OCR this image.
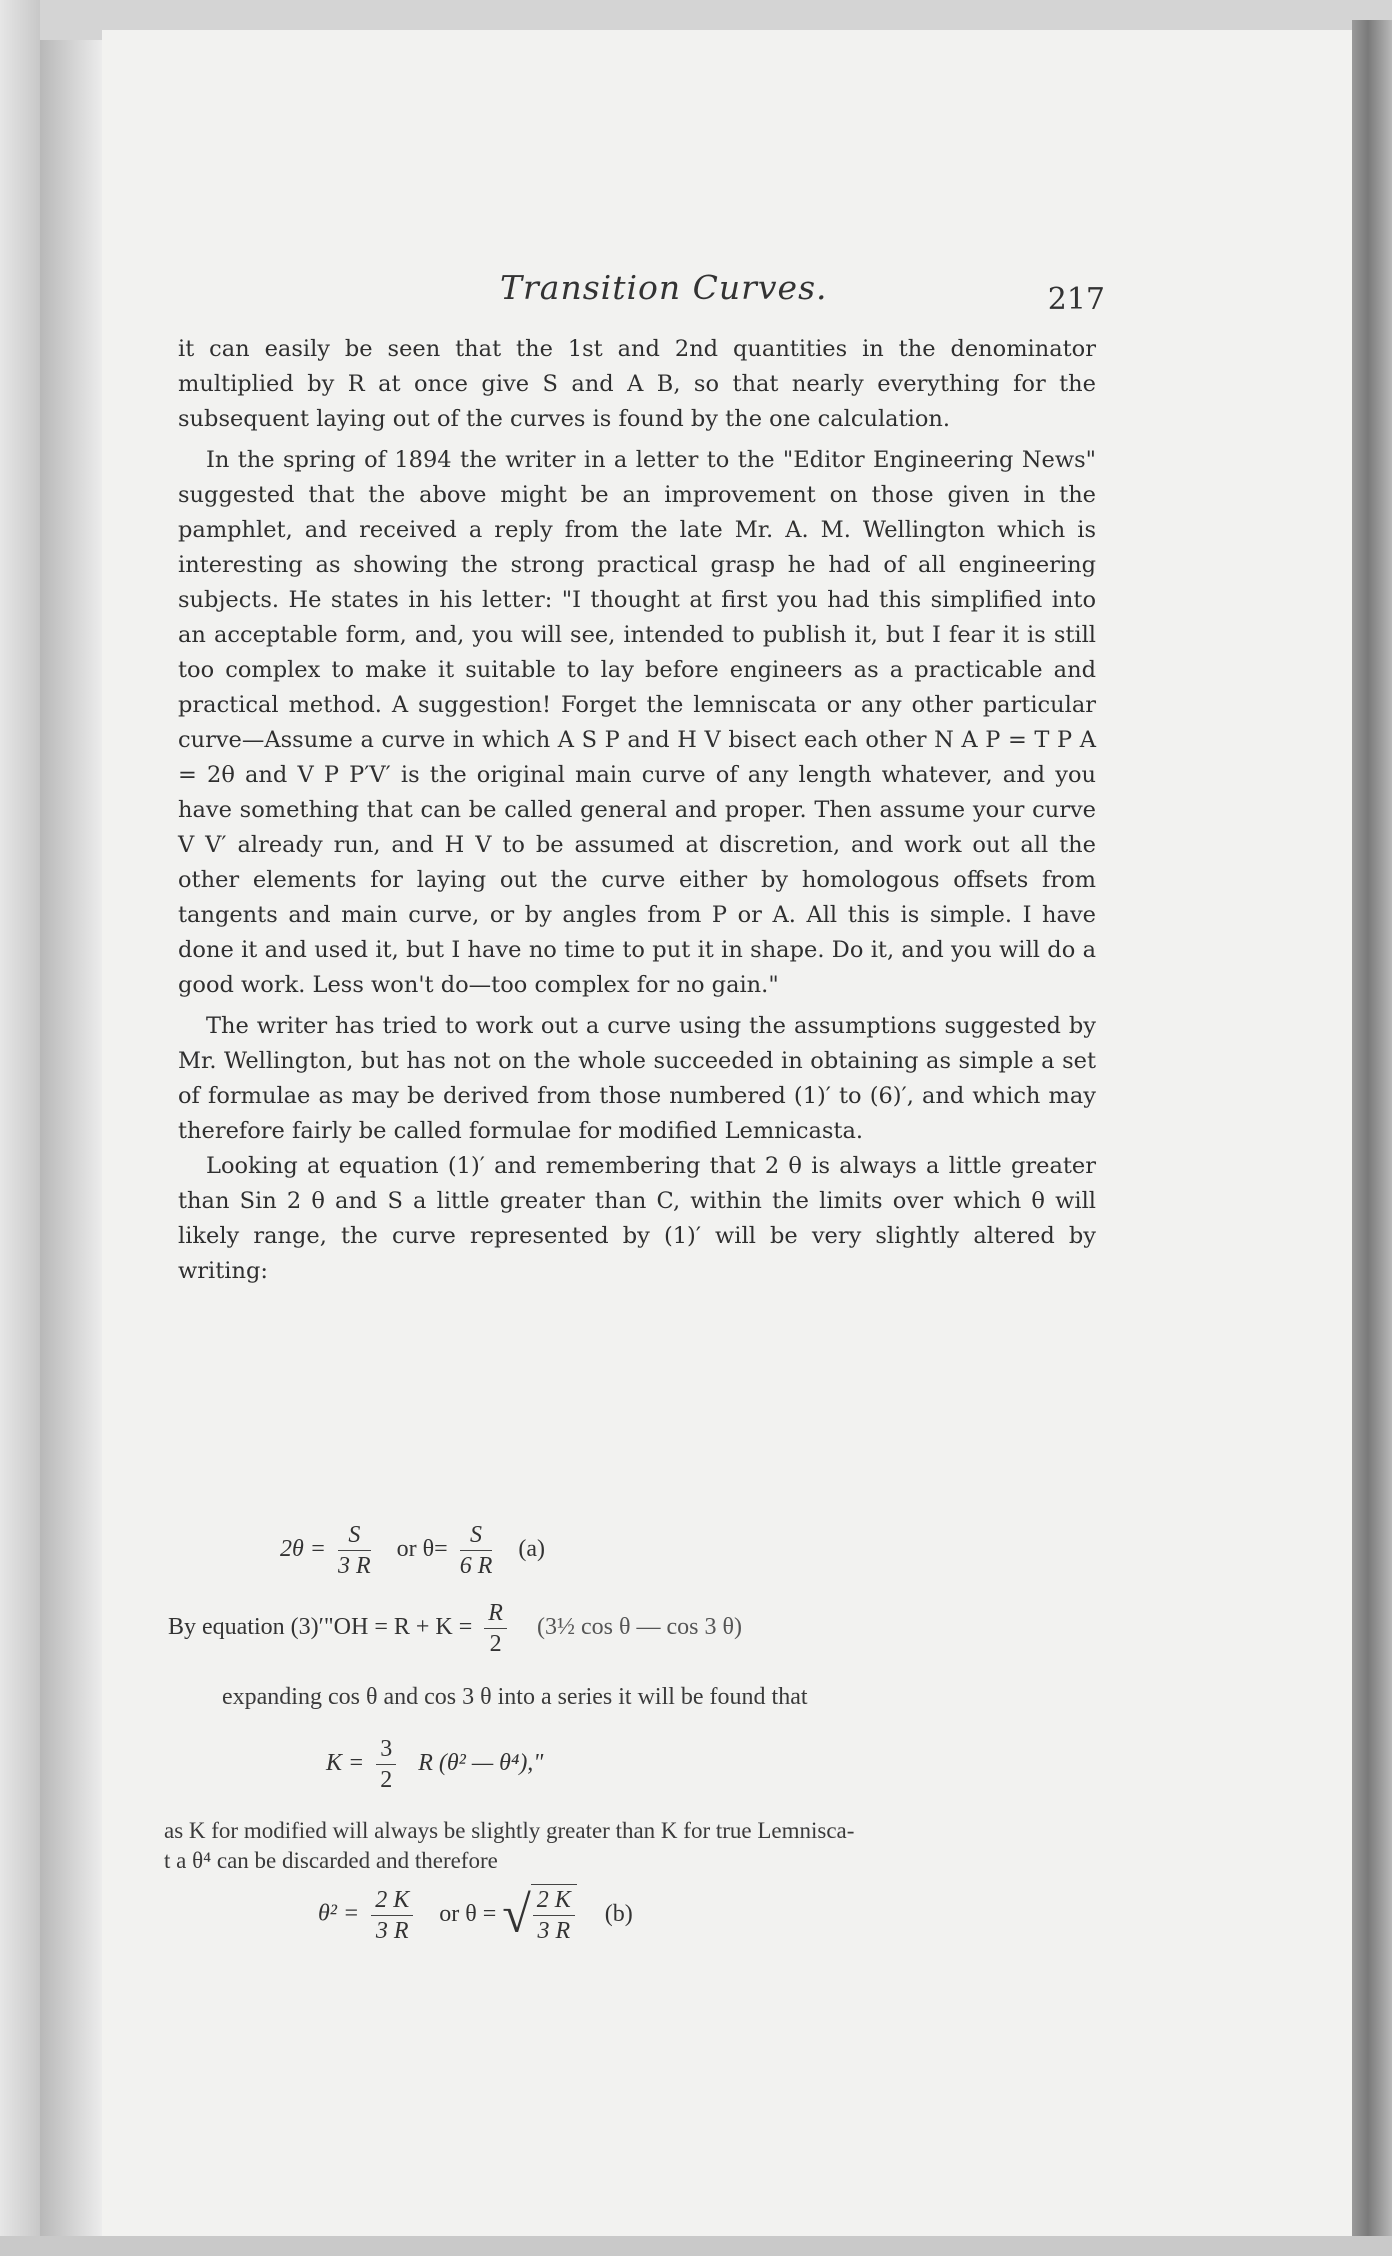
Transition Curves.	217

it can easily be seen that the 1st and 2nd quantities in the denominator multiplied by R at once give S and A B, so that nearly everything for the subsequent laying out of the curves is found by the one calculation.

In the spring of 1894 the writer in a letter to the "Editor Engineering News" suggested that the above might be an improvement on those given in the pamphlet, and received a reply from the late Mr. A. M. Wellington which is interesting as showing the strong practical grasp he had of all engineering subjects. He states in his letter: "I thought at first you had this simplified into an acceptable form, and, you will see, intended to publish it, but I fear it is still too complex to make it suitable to lay before engineers as a practicable and practical method. A suggestion! Forget the lemniscata or any other particular curve—Assume a curve in which A S P and H V bisect each other N A P = T P A = 2θ and V P P′V′ is the original main curve of any length whatever, and you have something that can be called general and proper. Then assume your curve V V′ already run, and H V to be assumed at discretion, and work out all the other elements for laying out the curve either by homologous offsets from tangents and main curve, or by angles from P or A. All this is simple. I have done it and used it, but I have no time to put it in shape. Do it, and you will do a good work. Less won't do—too complex for no gain."

The writer has tried to work out a curve using the assumptions suggested by Mr. Wellington, but has not on the whole succeeded in obtaining as simple a set of formulae as may be derived from those numbered (1)′ to (6)′, and which may therefore fairly be called formulae for modified Lemnicasta.

Looking at equation (1)′ and remembering that 2 θ is always a little greater than Sin 2 θ and S a little greater than C, within the limits over which θ will likely range, the curve represented by (1)′ will be very slightly altered by writing:

$2\theta = \frac{S}{3 R}$ or $\theta= \frac{S}{6 R} (a)$
By equation (3)′"OH = $R + K = \frac{R}{2}$ (3½ cos θ — cos 3 θ)
expanding cos θ and cos 3 θ into a series it will be found that
$K = \frac{3}{2}$ R (θ² — θ⁴),"
as K for modified will always be slightly greater than K for true Lemnisca-
t a θ⁴ can be discarded and therefore
$\theta^2 = \frac{2 K}{3 R}$ or θ = √ $\frac{2 K}{3 R} (b)$
